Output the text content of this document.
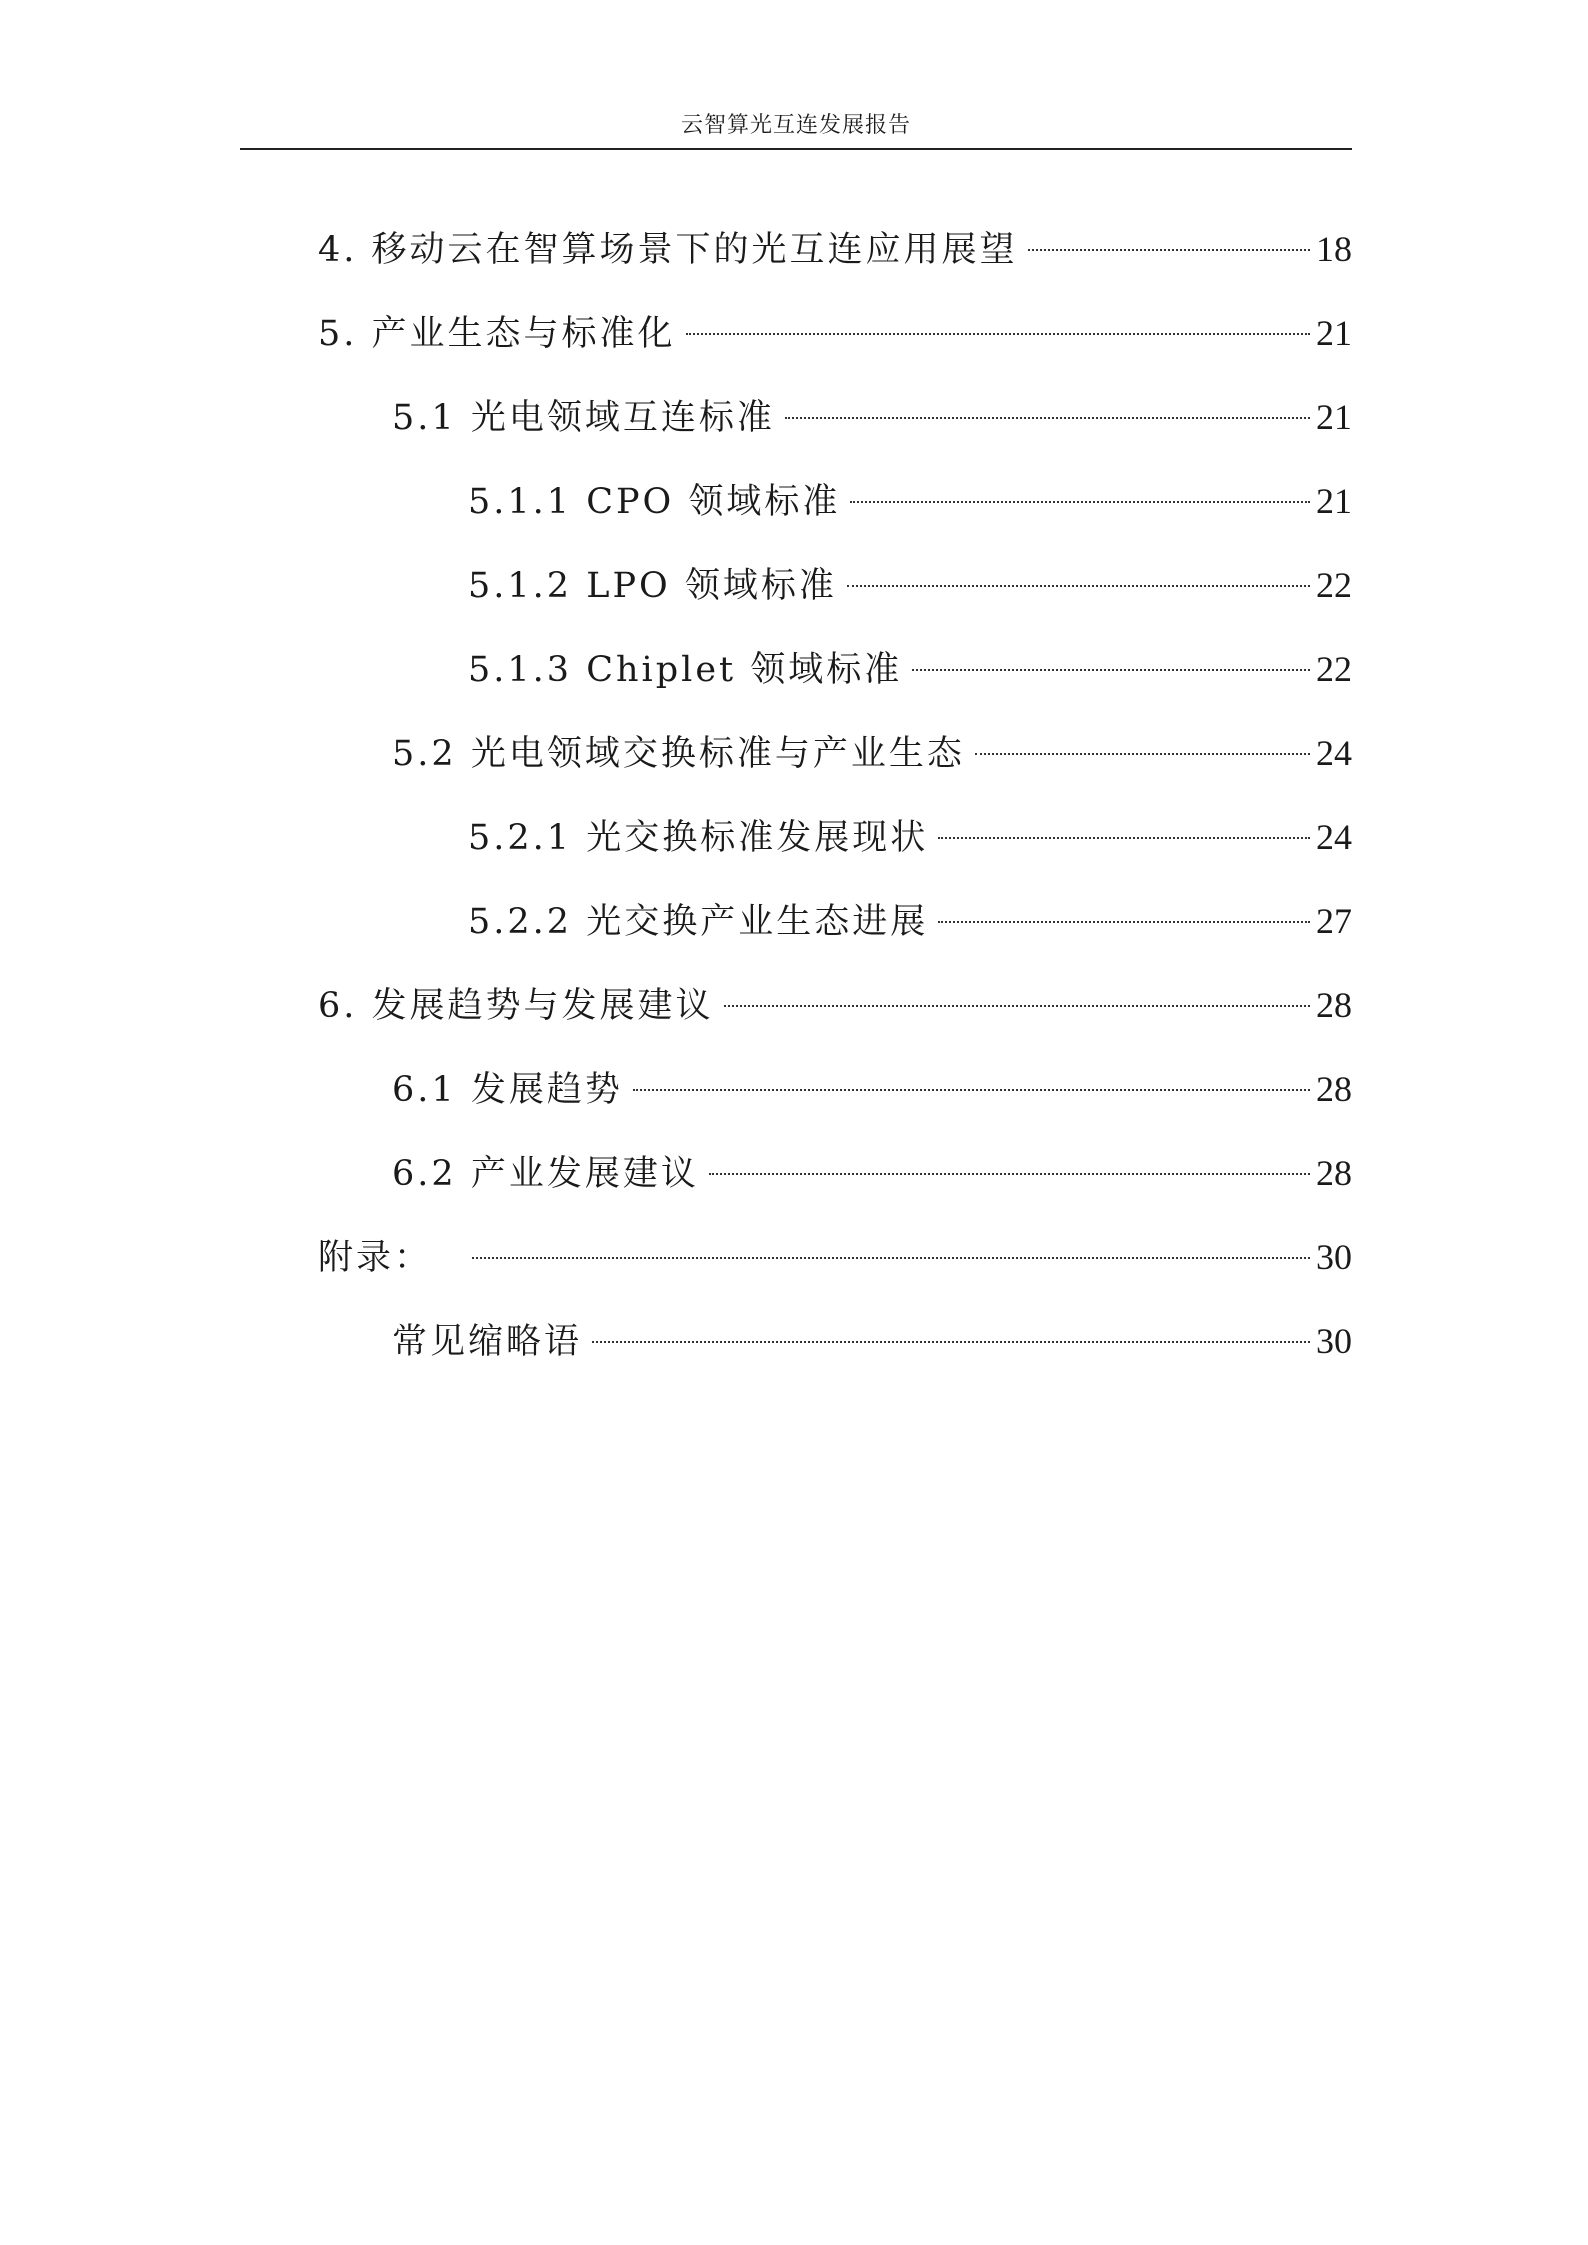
云智算光互连发展报告
4. 移动云在智算场景下的光互连应用展望	18
5. 产业生态与标准化	21
5.1 光电领域互连标准	21
5.1.1 CPO 领域标准	21
5.1.2 LPO 领域标准	22
5.1.3 Chiplet 领域标准	22
5.2 光电领域交换标准与产业生态	24
5.2.1 光交换标准发展现状	24
5.2.2 光交换产业生态进展	27
6. 发展趋势与发展建议	28
6.1 发展趋势	28
6.2 产业发展建议	28
附录：	30
常见缩略语	30
